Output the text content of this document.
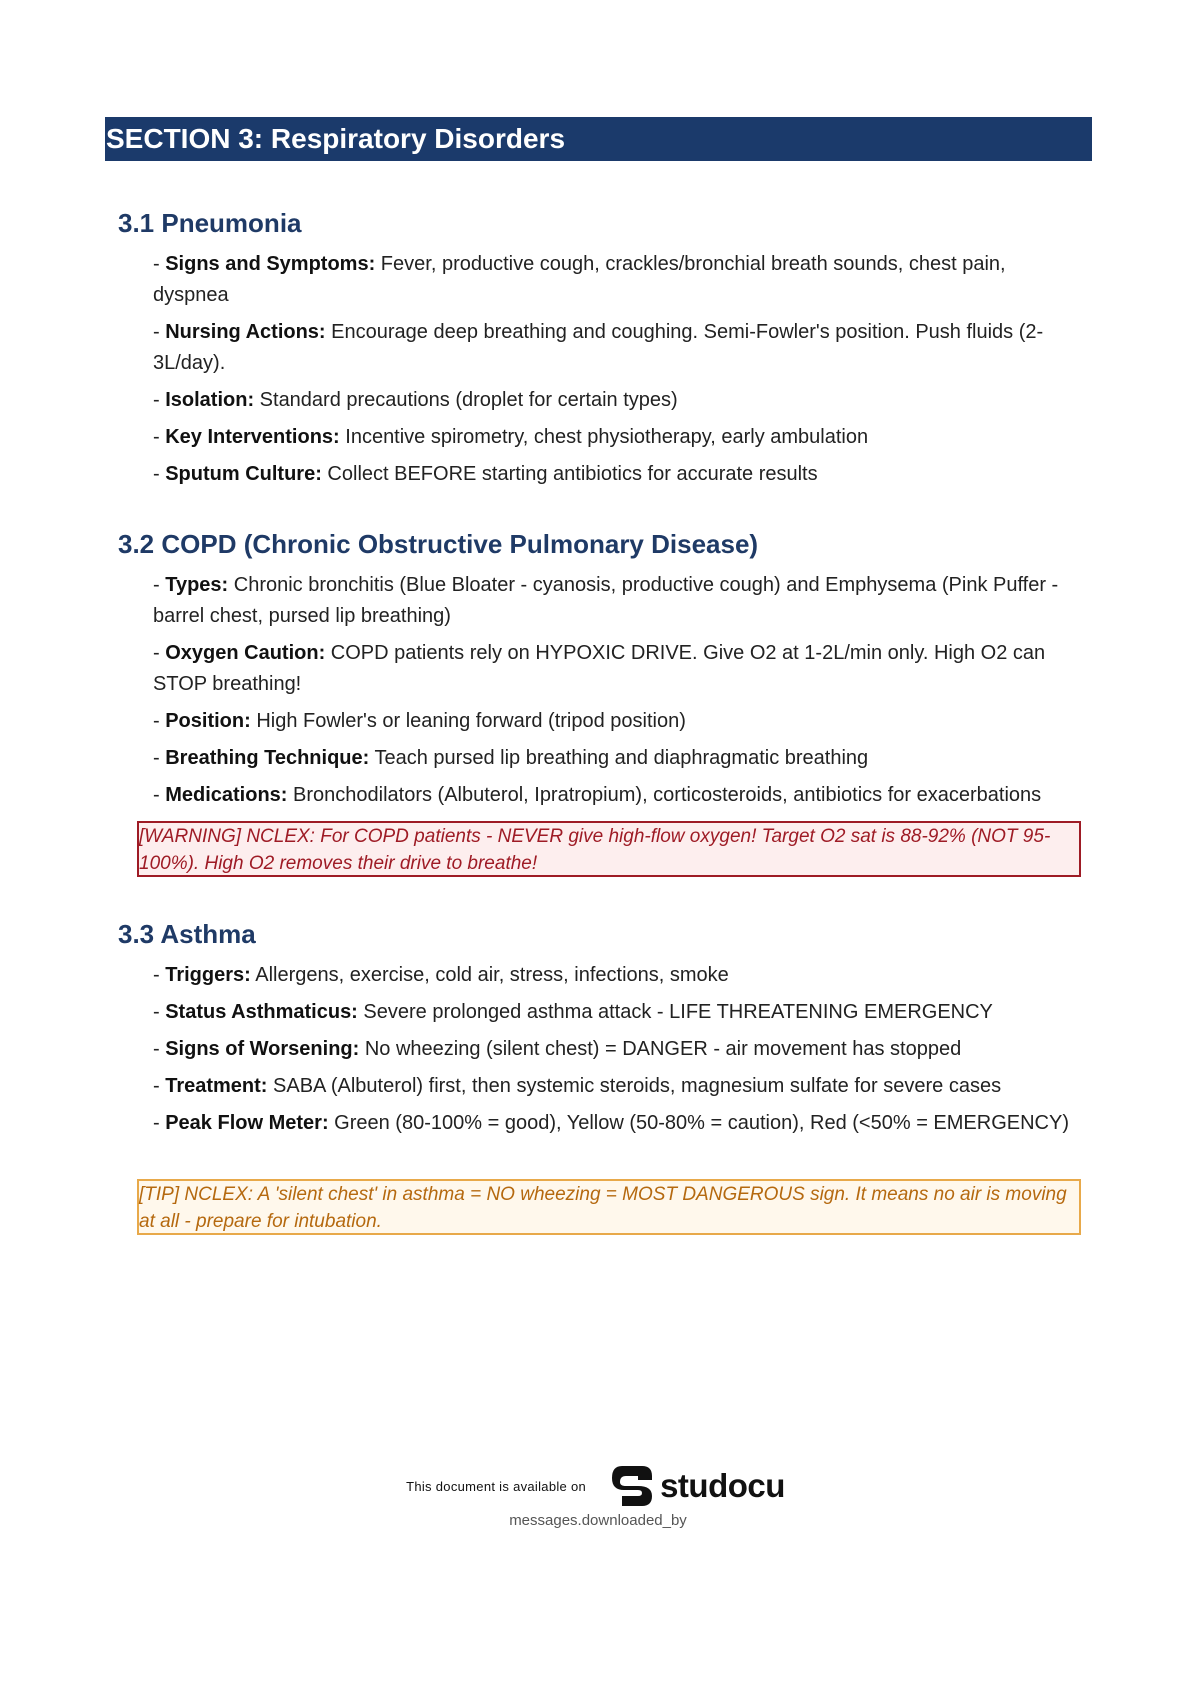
SECTION 3: Respiratory Disorders
3.1 Pneumonia
- Signs and Symptoms: Fever, productive cough, crackles/bronchial breath sounds, chest pain, dyspnea
- Nursing Actions: Encourage deep breathing and coughing. Semi-Fowler's position. Push fluids (2-3L/day).
- Isolation: Standard precautions (droplet for certain types)
- Key Interventions: Incentive spirometry, chest physiotherapy, early ambulation
- Sputum Culture: Collect BEFORE starting antibiotics for accurate results
3.2 COPD (Chronic Obstructive Pulmonary Disease)
- Types: Chronic bronchitis (Blue Bloater - cyanosis, productive cough) and Emphysema (Pink Puffer - barrel chest, pursed lip breathing)
- Oxygen Caution: COPD patients rely on HYPOXIC DRIVE. Give O2 at 1-2L/min only. High O2 can STOP breathing!
- Position: High Fowler's or leaning forward (tripod position)
- Breathing Technique: Teach pursed lip breathing and diaphragmatic breathing
- Medications: Bronchodilators (Albuterol, Ipratropium), corticosteroids, antibiotics for exacerbations
[WARNING] NCLEX: For COPD patients - NEVER give high-flow oxygen! Target O2 sat is 88-92% (NOT 95-100%). High O2 removes their drive to breathe!
3.3 Asthma
- Triggers: Allergens, exercise, cold air, stress, infections, smoke
- Status Asthmaticus: Severe prolonged asthma attack - LIFE THREATENING EMERGENCY
- Signs of Worsening: No wheezing (silent chest) = DANGER - air movement has stopped
- Treatment: SABA (Albuterol) first, then systemic steroids, magnesium sulfate for severe cases
- Peak Flow Meter: Green (80-100% = good), Yellow (50-80% = caution), Red (<50% = EMERGENCY)
[TIP] NCLEX: A 'silent chest' in asthma = NO wheezing = MOST DANGEROUS sign. It means no air is moving at all - prepare for intubation.
This document is available on studocu
messages.downloaded_by
